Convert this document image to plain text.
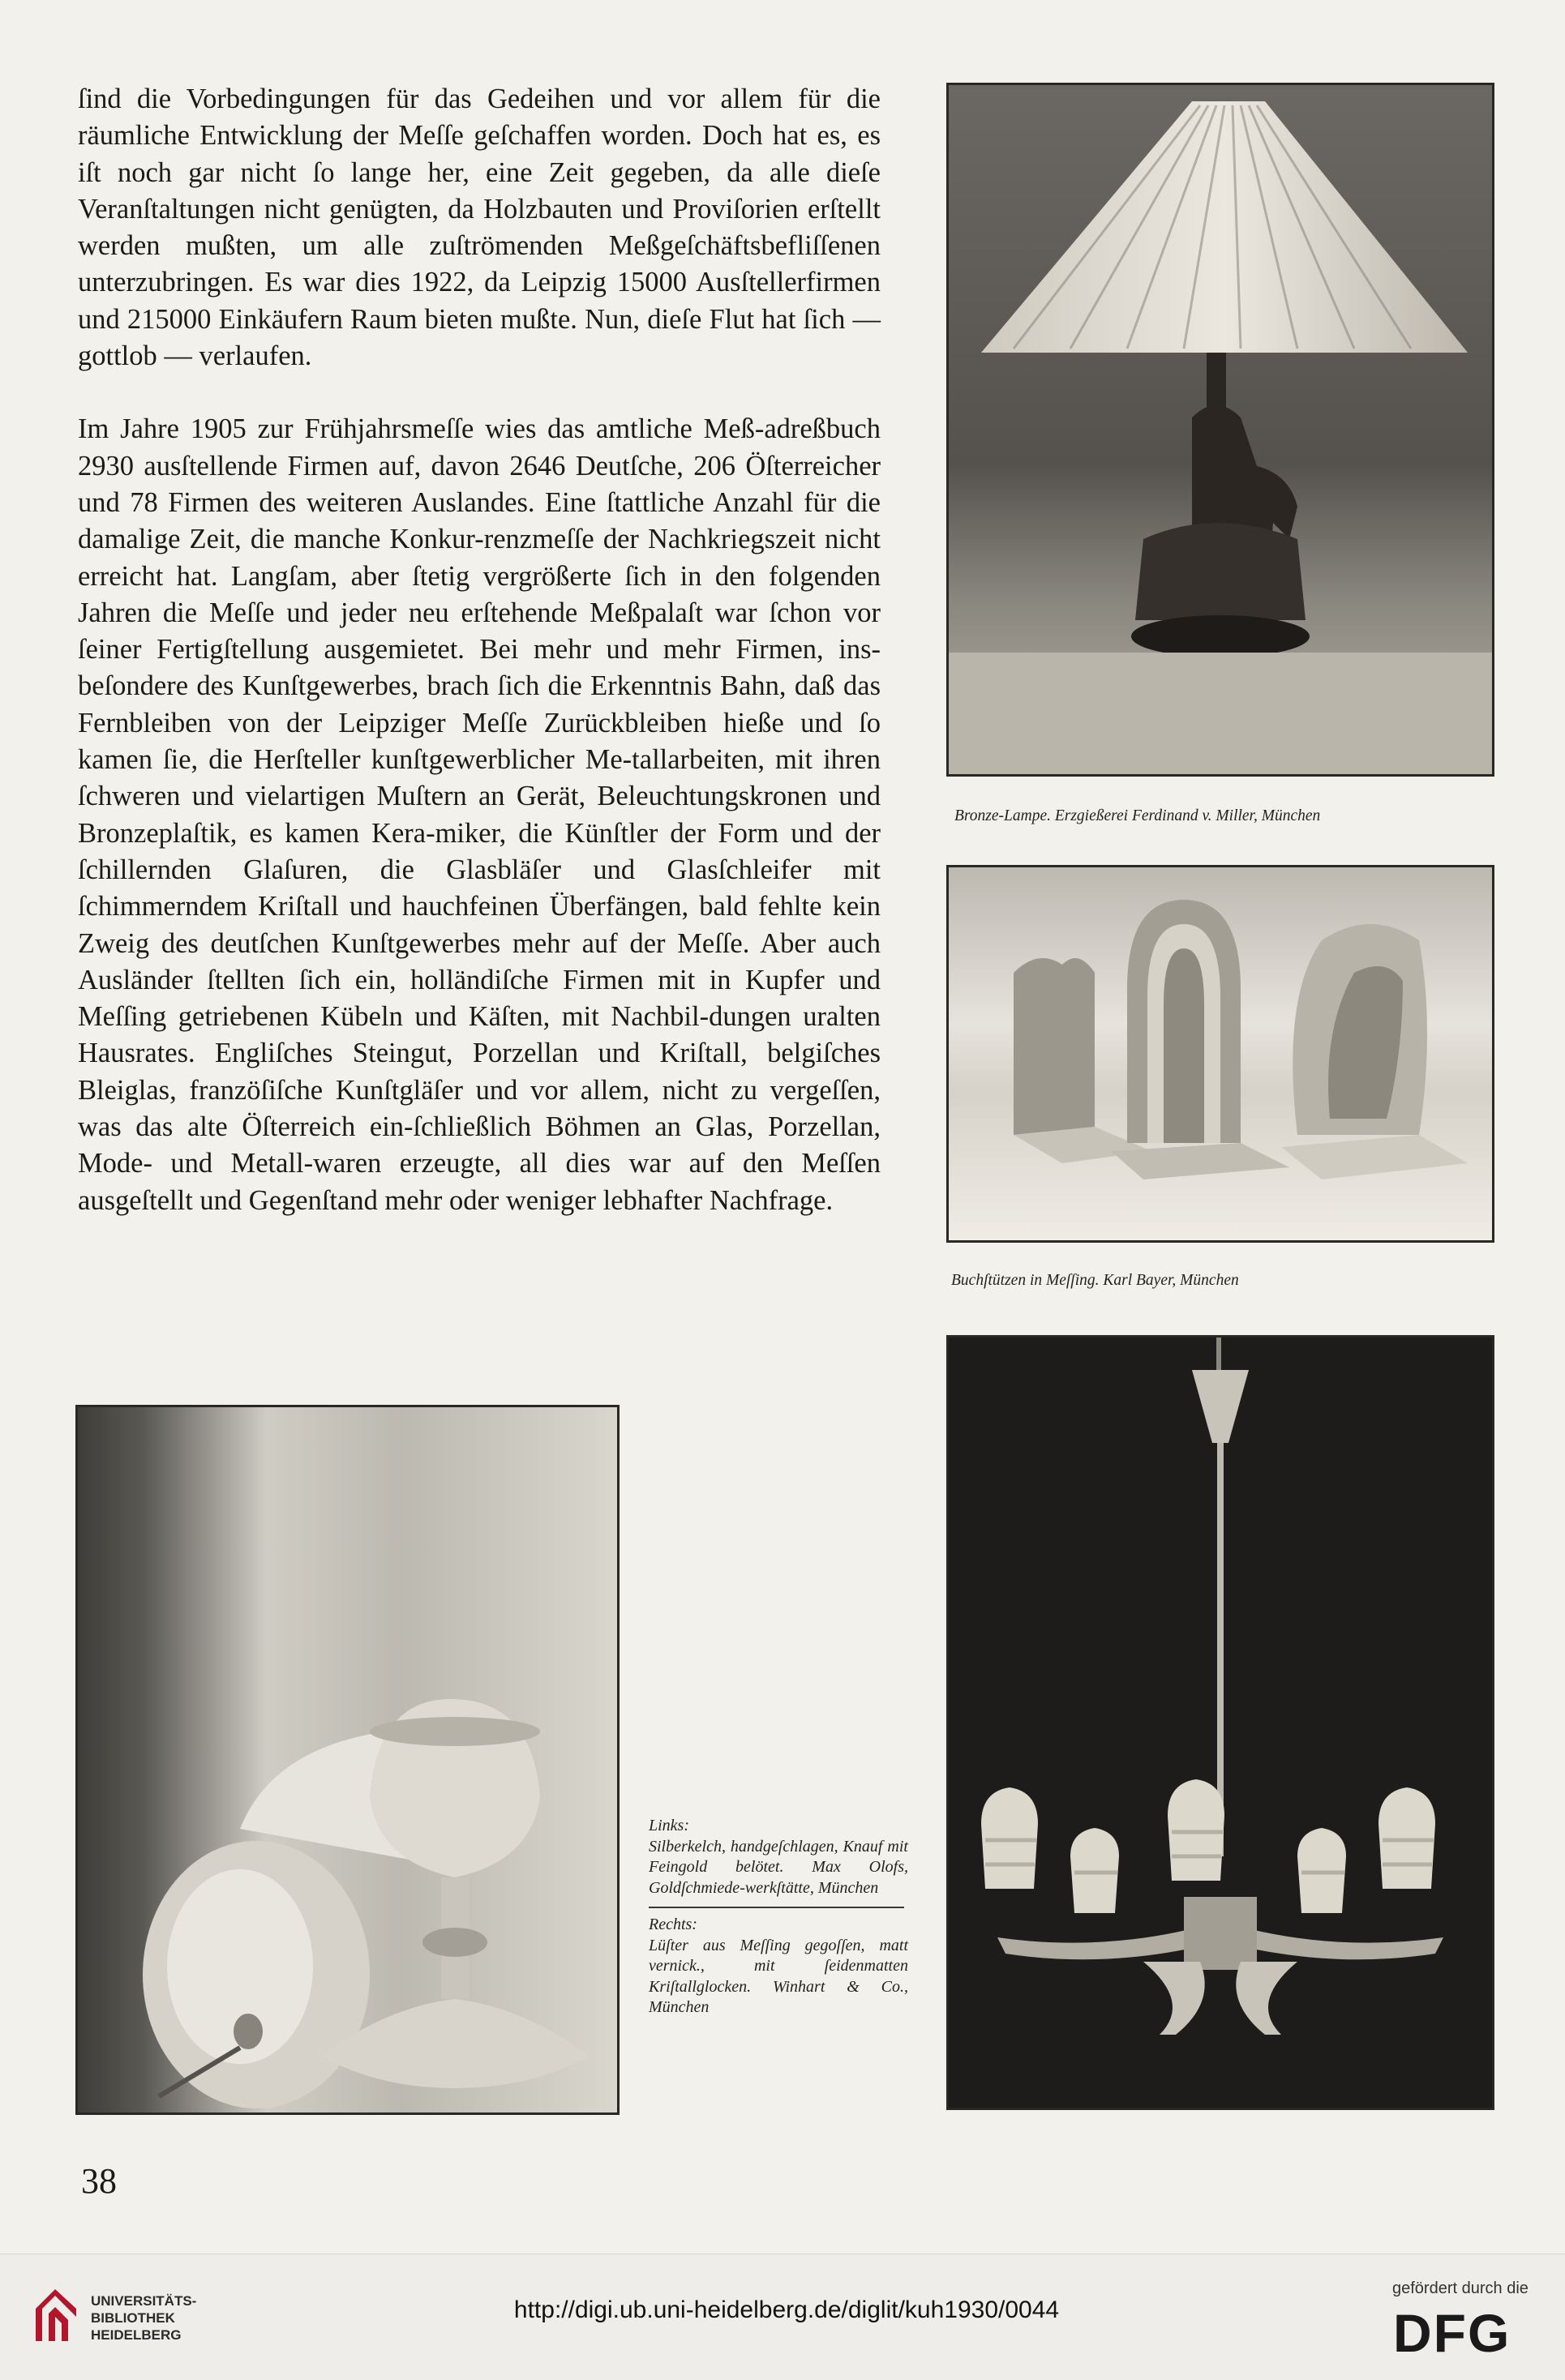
ſind die Vorbedingungen für das Gedeihen und vor allem für die räumliche Entwicklung der Meſſe geſchaffen worden. Doch hat es, es iſt noch gar nicht ſo lange her, eine Zeit gegeben, da alle dieſe Veranſtaltungen nicht genügten, da Holzbauten und Proviſorien erſtellt werden mußten, um alle zuſtrömenden Meßgeſchäftsbefliſſenen unterzubringen. Es war dies 1922, da Leipzig 15000 Ausſtellerfirmen und 215000 Einkäufern Raum bieten mußte. Nun, dieſe Flut hat ſich — gottlob — verlaufen.

Im Jahre 1905 zur Frühjahrsmeſſe wies das amtliche Meß-adreßbuch 2930 ausſtellende Firmen auf, davon 2646 Deutſche, 206 Öſterreicher und 78 Firmen des weiteren Auslandes. Eine ſtattliche Anzahl für die damalige Zeit, die manche Konkur-renzmeſſe der Nachkriegszeit nicht erreicht hat. Langſam, aber ſtetig vergrößerte ſich in den folgenden Jahren die Meſſe und jeder neu erſtehende Meßpalaſt war ſchon vor ſeiner Fertigſtellung ausgemietet. Bei mehr und mehr Firmen, ins-beſondere des Kunſtgewerbes, brach ſich die Erkenntnis Bahn, daß das Fernbleiben von der Leipziger Meſſe Zurückbleiben hieße und ſo kamen ſie, die Herſteller kunſtgewerblicher Me-tallarbeiten, mit ihren ſchweren und vielartigen Muſtern an Gerät, Beleuchtungskronen und Bronzeplaſtik, es kamen Kera-miker, die Künſtler der Form und der ſchillernden Glaſuren, die Glasbläſer und Glasſchleifer mit ſchimmerndem Kriſtall und hauchfeinen Überfängen, bald fehlte kein Zweig des deutſchen Kunſtgewerbes mehr auf der Meſſe. Aber auch Ausländer ſtellten ſich ein, holländiſche Firmen mit in Kupfer und Meſſing getriebenen Kübeln und Käſten, mit Nachbil-dungen uralten Hausrates. Engliſches Steingut, Porzellan und Kriſtall, belgiſches Bleiglas, franzöſiſche Kunſtgläſer und vor allem, nicht zu vergeſſen, was das alte Öſterreich ein-ſchließlich Böhmen an Glas, Porzellan, Mode- und Metall-waren erzeugte, all dies war auf den Meſſen ausgeſtellt und Gegenſtand mehr oder weniger lebhafter Nachfrage.

Bronze-Lampe. Erzgießerei Ferdinand v. Miller, München
Buchſtützen in Meſſing. Karl Bayer, München
Links:
Silberkelch, handgeſchlagen, Knauf mit Feingold belötet. Max Olofs, Goldſchmiede-werkſtätte, München
Rechts:
Lüſter aus Meſſing gegoſſen, matt vernick., mit ſeidenmatten Kriſtallglocken. Winhart & Co., München
38
UNIVERSITÄTS-
BIBLIOTHEK
HEIDELBERG
http://digi.ub.uni-heidelberg.de/diglit/kuh1930/0044
gefördert durch die
DFG
